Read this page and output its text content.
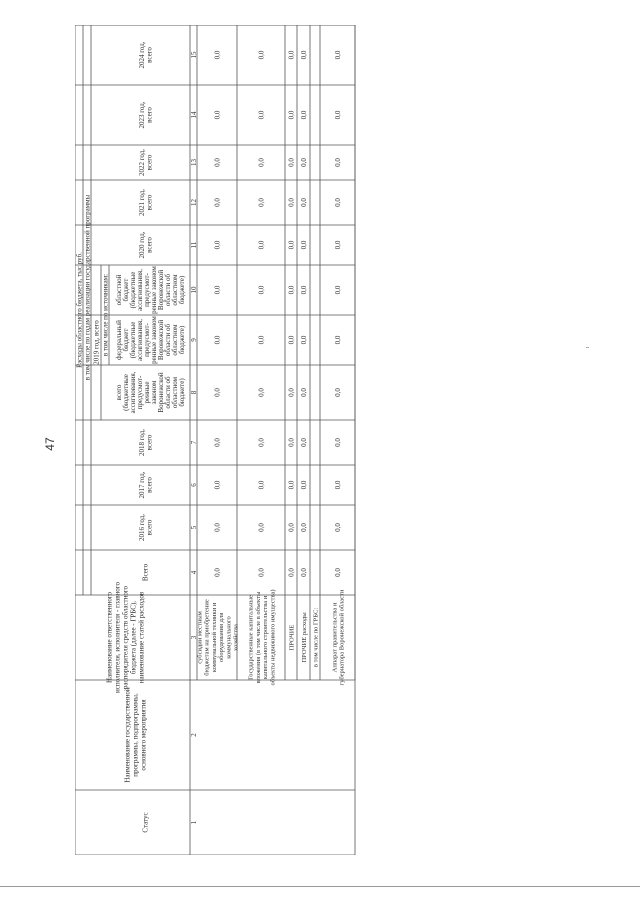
47
Расходы областного бюджета, тыс.руб. в том числе по годам реализации государственной программы 2019 год, всего в том числе по источникам:
Статус
Наименование государственнойпрограммы, подпрограммы,основного мероприятия
Наименование ответственногоисполнителя, исполнителя - главногораспорядителя средств областногобюджета (далее - ГРБС),наименование статей расходов
Всего
2016 год,всего
2017 год,всего
2018 год,всего
всего(бюджетныеассигнования,предусмот-ренныезакономВоронежскойобласти обобластномбюджете)
федеральныйбюджет(бюджетныеассигнования,предусмот-ренные закономВоронежскойобласти обобластномбюджете)
областнойбюджет(бюджетныеассигнования,предусмот-ренные закономВоронежскойобласти обобластномбюджете)
2020 год,всего
2021 год,всего
2022 год,всего
2023 год,всего
2024 год,всего
1
2
3
4
5
6
7
8
9
10
11
12
13
14
15
субсидии местнымбюджетам на приобретениекоммунальной техники иоборудования длякоммунальногохозяйства
0,0
0,0
0,0
0,0
0,0
0,0
0,0
0,0
0,0
0,0
0,0
0,0
Государственные капитальныевложения (в том числе в объектыкапитального строительства иобъекты недвижимого имущества)
0,0
0,0
0,0
0,0
0,0
0,0
0,0
0,0
0,0
0,0
0,0
0,0
ПРОЧИЕ
0,0
0,0
0,0
0,0
0,0
0,0
0,0
0,0
0,0
0,0
0,0
0,0
ПРОЧИЕ расходы
0,0
0,0
0,0
0,0
0,0
0,0
0,0
0,0
0,0
0,0
0,0
0,0
в том числе по ГРБС: Аппарат правительства игубернатора Воронежской области
0,0
0,0
0,0
0,0
0,0
0,0
0,0
0,0
0,0
0,0
0,0
0,0
